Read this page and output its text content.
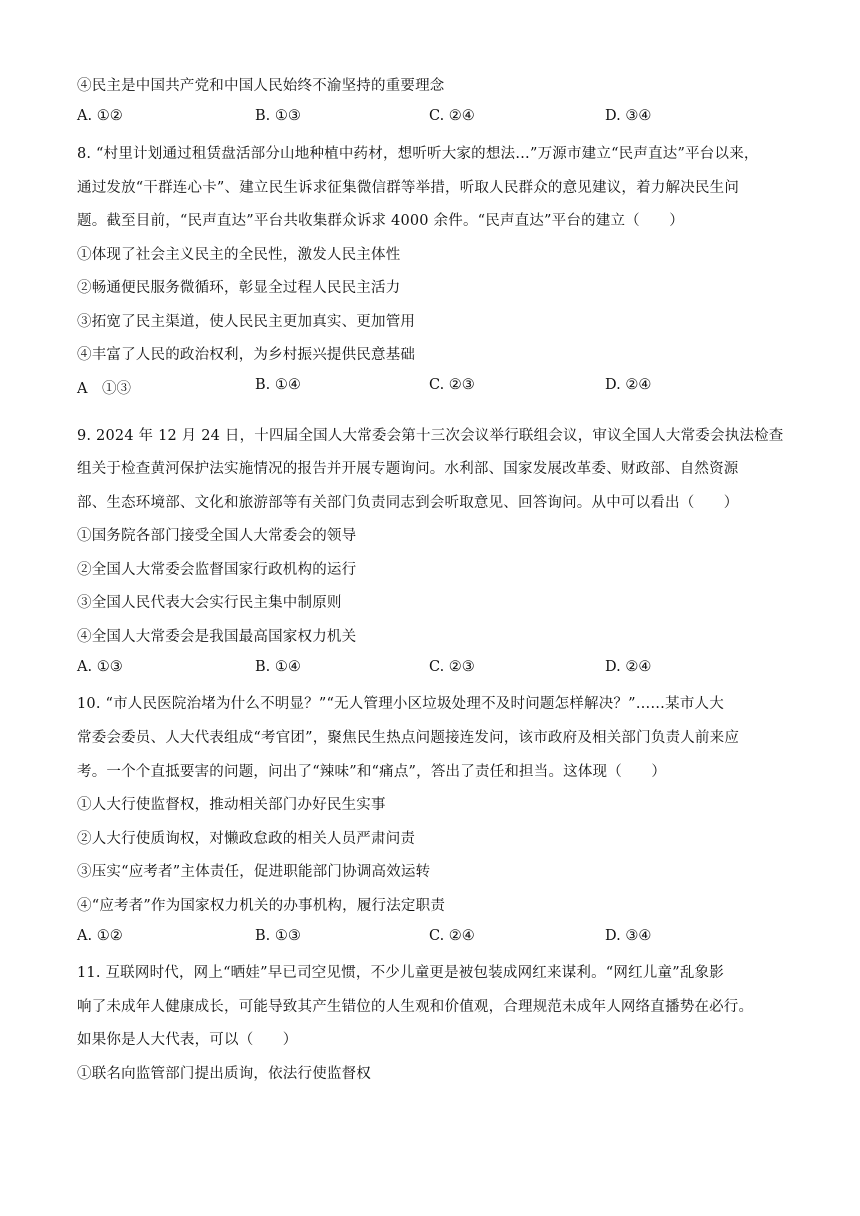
④民主是中国共产党和中国人民始终不渝坚持的重要理念
A. ①②	B. ①③	C. ②④	D. ③④
8. “村里计划通过租赁盘活部分山地种植中药材，想听听大家的想法…”万源市建立“民声直达”平台以来，
通过发放“干群连心卡”、建立民生诉求征集微信群等举措，听取人民群众的意见建议，着力解决民生问
题。截至目前，“民声直达”平台共收集群众诉求 4000 余件。“民声直达”平台的建立（　　）
①体现了社会主义民主的全民性，激发人民主体性
②畅通便民服务微循环，彰显全过程人民民主活力
③拓宽了民主渠道，使人民民主更加真实、更加管用
④丰富了人民的政治权利，为乡村振兴提供民意基础
A　①③	B. ①④	C. ②③	D. ②④
9. 2024 年 12 月 24 日，十四届全国人大常委会第十三次会议举行联组会议，审议全国人大常委会执法检查
组关于检查黄河保护法实施情况的报告并开展专题询问。水利部、国家发展改革委、财政部、自然资源
部、生态环境部、文化和旅游部等有关部门负责同志到会听取意见、回答询问。从中可以看出（　　）
①国务院各部门接受全国人大常委会的领导
②全国人大常委会监督国家行政机构的运行
③全国人民代表大会实行民主集中制原则
④全国人大常委会是我国最高国家权力机关
A. ①③	B. ①④	C. ②③	D. ②④
10. “市人民医院治堵为什么不明显？”“无人管理小区垃圾处理不及时问题怎样解决？”……某市人大
常委会委员、人大代表组成“考官团”，聚焦民生热点问题接连发问，该市政府及相关部门负责人前来应
考。一个个直抵要害的问题，问出了“辣味”和“痛点”，答出了责任和担当。这体现（　　）
①人大行使监督权，推动相关部门办好民生实事
②人大行使质询权，对懒政怠政的相关人员严肃问责
③压实“应考者”主体责任，促进职能部门协调高效运转
④“应考者”作为国家权力机关的办事机构，履行法定职责
A. ①②	B. ①③	C. ②④	D. ③④
11. 互联网时代，网上“晒娃”早已司空见惯，不少儿童更是被包装成网红来谋利。“网红儿童”乱象影
响了未成年人健康成长，可能导致其产生错位的人生观和价值观，合理规范未成年人网络直播势在必行。
如果你是人大代表，可以（　　）
①联名向监管部门提出质询，依法行使监督权
